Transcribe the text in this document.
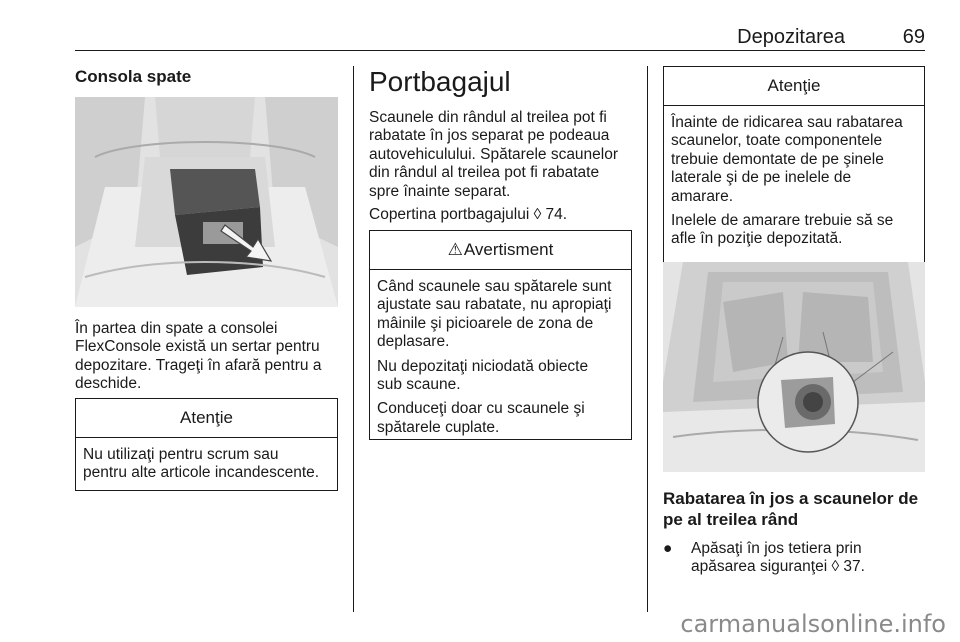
Depozitarea	69
Consola spate
În partea din spate a consolei
FlexConsole există un sertar pentru
depozitare. Trageţi în afară pentru a
deschide.
Atenţie

Nu utilizaţi pentru scrum sau
pentru alte articole incandescente.

Portbagajul
Scaunele din rândul al treilea pot fi
rabatate în jos separat pe podeaua
autovehiculului. Spătarele scaunelor
din rândul al treilea pot fi rabatate
spre înainte separat.
Copertina portbagajului ◊ 74.
⚠Avertisment

Când scaunele sau spătarele sunt
ajustate sau rabatate, nu apropiaţi
mâinile şi picioarele de zona de
deplasare.

Nu depozitaţi niciodată obiecte
sub scaune.

Conduceţi doar cu scaunele şi
spătarele cuplate.

Atenţie

Înainte de ridicarea sau rabatarea
scaunelor, toate componentele
trebuie demontate de pe şinele
laterale şi de pe inelele de
amarare.

Inelele de amarare trebuie să se
afle în poziţie depozitată.

Rabatarea în jos a scaunelor de
pe al treilea rând
● Apăsaţi în jos tetiera prin
apăsarea siguranţei ◊ 37.
carmanualsonline.info
